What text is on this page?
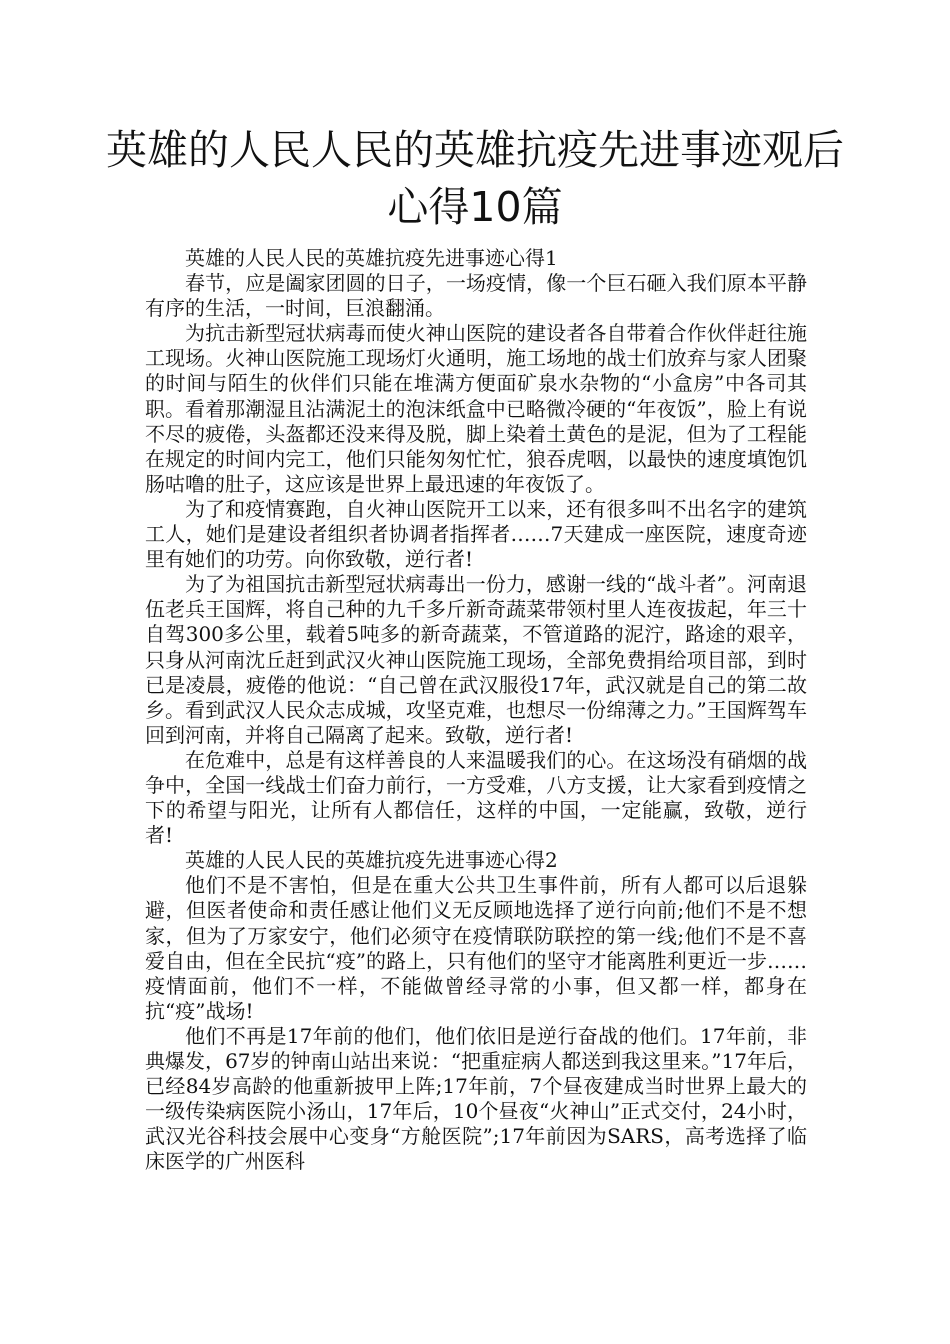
英雄的人民人民的英雄抗疫先进事迹观后心得10篇

英雄的人民人民的英雄抗疫先进事迹心得1

春节，应是阖家团圆的日子，一场疫情，像一个巨石砸入我们原本平静有序的生活，一时间，巨浪翻涌。

为抗击新型冠状病毒而使火神山医院的建设者各自带着合作伙伴赶往施工现场。火神山医院施工现场灯火通明，施工场地的战士们放弃与家人团聚的时间与陌生的伙伴们只能在堆满方便面矿泉水杂物的“小盒房”中各司其职。看着那潮湿且沾满泥土的泡沫纸盒中已略微冷硬的“年夜饭”，脸上有说不尽的疲倦，头盔都还没来得及脱，脚上染着土黄色的是泥，但为了工程能在规定的时间内完工，他们只能匆匆忙忙，狼吞虎咽，以最快的速度填饱饥肠咕噜的肚子，这应该是世界上最迅速的年夜饭了。

为了和疫情赛跑，自火神山医院开工以来，还有很多叫不出名字的建筑工人，她们是建设者组织者协调者指挥者……7天建成一座医院，速度奇迹里有她们的功劳。向你致敬，逆行者!

为了为祖国抗击新型冠状病毒出一份力，感谢一线的“战斗者”。河南退伍老兵王国辉，将自己种的九千多斤新奇蔬菜带领村里人连夜拔起，年三十自驾300多公里，载着5吨多的新奇蔬菜，不管道路的泥泞，路途的艰辛，只身从河南沈丘赶到武汉火神山医院施工现场，全部免费捐给项目部，到时已是凌晨，疲倦的他说：“自己曾在武汉服役17年，武汉就是自己的第二故乡。看到武汉人民众志成城，攻坚克难，也想尽一份绵薄之力。”王国辉驾车回到河南，并将自己隔离了起来。致敬，逆行者!

在危难中，总是有这样善良的人来温暖我们的心。在这场没有硝烟的战争中，全国一线战士们奋力前行，一方受难，八方支援，让大家看到疫情之下的希望与阳光，让所有人都信任，这样的中国，一定能赢，致敬，逆行者!

英雄的人民人民的英雄抗疫先进事迹心得2

他们不是不害怕，但是在重大公共卫生事件前，所有人都可以后退躲避，但医者使命和责任感让他们义无反顾地选择了逆行向前;他们不是不想家，但为了万家安宁，他们必须守在疫情联防联控的第一线;他们不是不喜爱自由，但在全民抗“疫”的路上，只有他们的坚守才能离胜利更近一步……疫情面前，他们不一样，不能做曾经寻常的小事，但又都一样，都身在抗“疫”战场!

他们不再是17年前的他们，他们依旧是逆行奋战的他们。17年前，非典爆发，67岁的钟南山站出来说：“把重症病人都送到我这里来。”17年后，已经84岁高龄的他重新披甲上阵;17年前，7个昼夜建成当时世界上最大的一级传染病医院小汤山，17年后，10个昼夜“火神山”正式交付，24小时，武汉光谷科技会展中心变身“方舱医院”;17年前因为SARS，高考选择了临床医学的广州医科
